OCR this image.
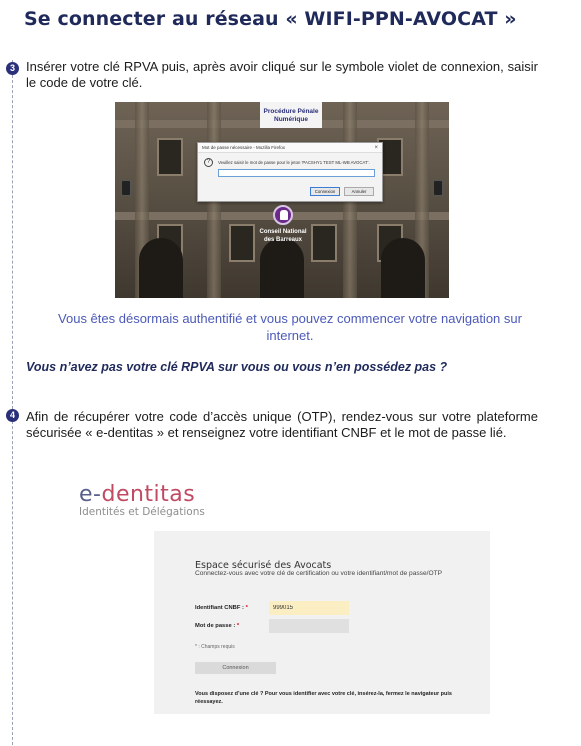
Se connecter au réseau « WIFI-PPN-AVOCAT »
3 Insérer votre clé RPVA puis, après avoir cliqué sur le symbole violet de connexion, saisir le code de votre clé.
Procédure Pénale
Numérique
Mot de passe nécessaire - Mozilla Firefox	×
?	Veuillez saisir le mot de passe pour le jeton 'PACSHY1 TEST ML-WB AVOCAT'.
Connexion	Annuler
Conseil National
des Barreaux
Vous êtes désormais authentifié et vous pouvez commencer votre navigation sur internet.
Vous n’avez pas votre clé RPVA sur vous ou vous n’en possédez pas ?
4 Afin de récupérer votre code d’accès unique (OTP), rendez-vous sur votre plateforme sécurisée « e-dentitas » et renseignez votre identifiant CNBF et le mot de passe lié.
e-dentitas
Identités et Délégations
Espace sécurisé des Avocats
Connectez-vous avec votre clé de certification ou votre identifiant/mot de passe/OTP
Identifiant CNBF : *
999015
Mot de passe : *
* : Champs requis
Connexion
Vous disposez d’une clé ? Pour vous identifier avec votre clé, insérez-la, fermez le navigateur puis réessayez.
